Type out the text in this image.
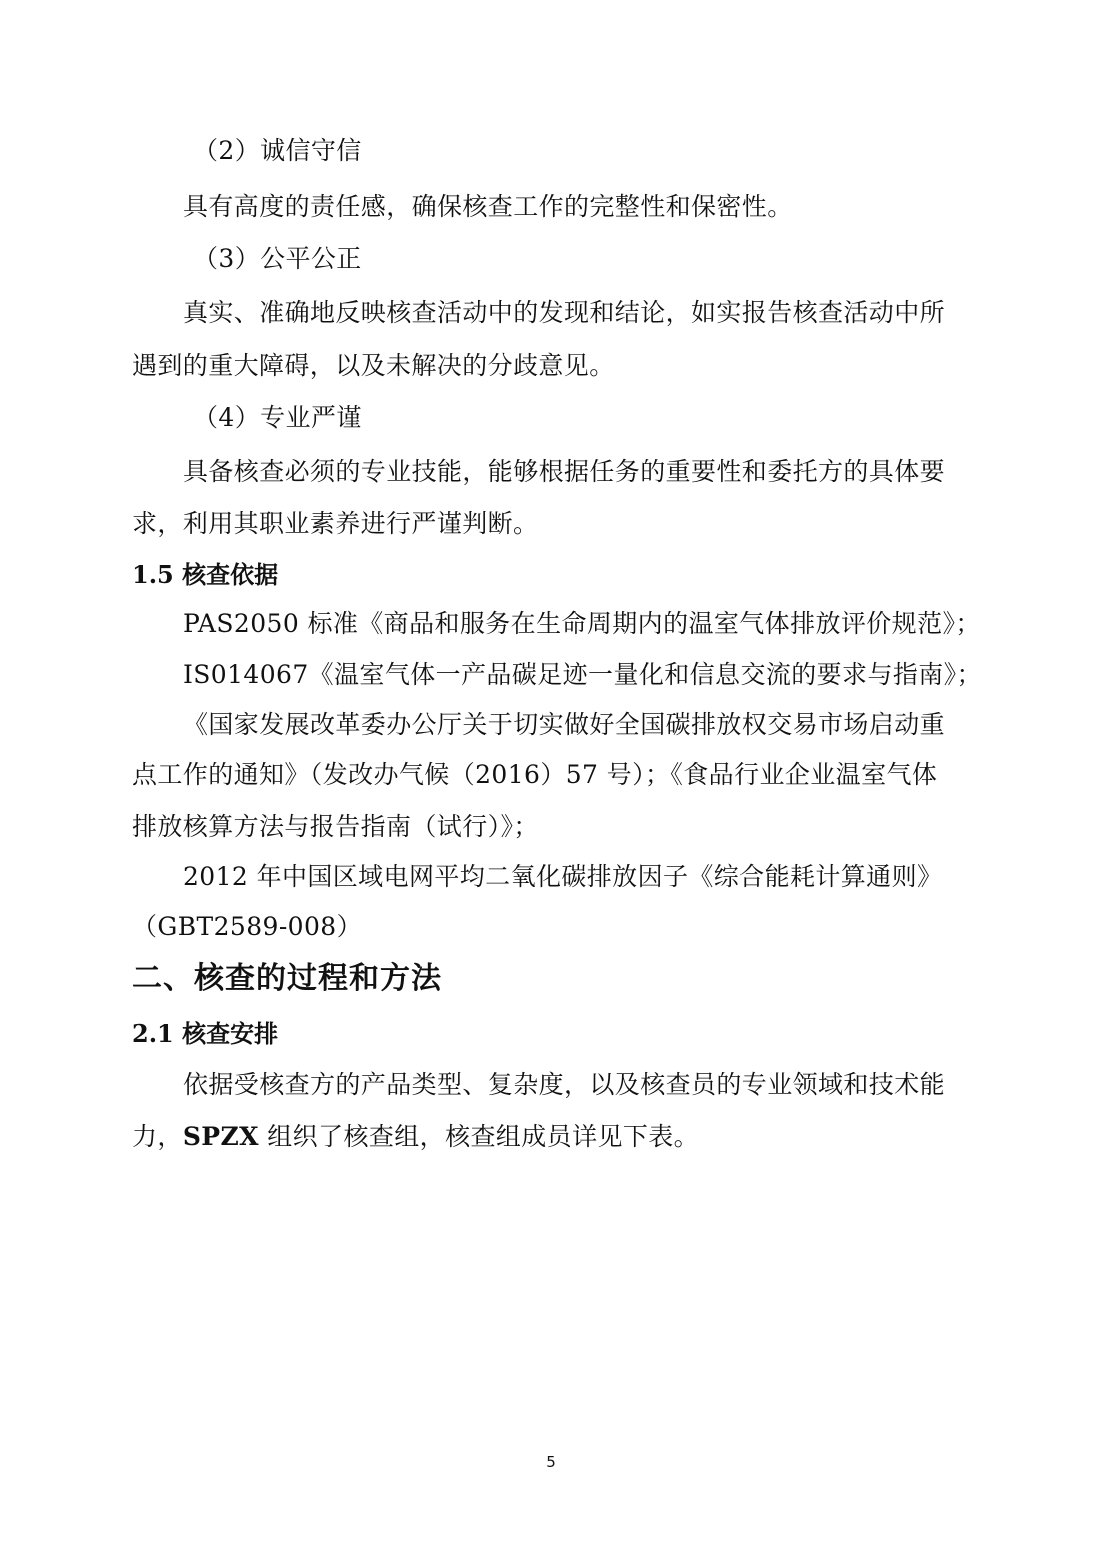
（2）诚信守信
具有高度的责任感，确保核查工作的完整性和保密性。
（3）公平公正
真实、准确地反映核查活动中的发现和结论，如实报告核查活动中所
遇到的重大障碍，以及未解决的分歧意见。
（4）专业严谨
具备核查必须的专业技能，能够根据任务的重要性和委托方的具体要
求，利用其职业素养进行严谨判断。
1.5 核查依据
PAS2050 标准《商品和服务在生命周期内的温室气体排放评价规范》；
IS014067《温室气体一产品碳足迹一量化和信息交流的要求与指南》；
《国家发展改革委办公厅关于切实做好全国碳排放权交易市场启动重
点工作的通知》（发改办气候（2016）57 号）；《食品行业企业温室气体
排放核算方法与报告指南（试行）》；
2012 年中国区域电网平均二氧化碳排放因子《综合能耗计算通则》
（GBT2589-008）
二、核查的过程和方法
2.1 核查安排
依据受核查方的产品类型、复杂度，以及核查员的专业领域和技术能
力，SPZX 组织了核查组，核查组成员详见下表。
5
